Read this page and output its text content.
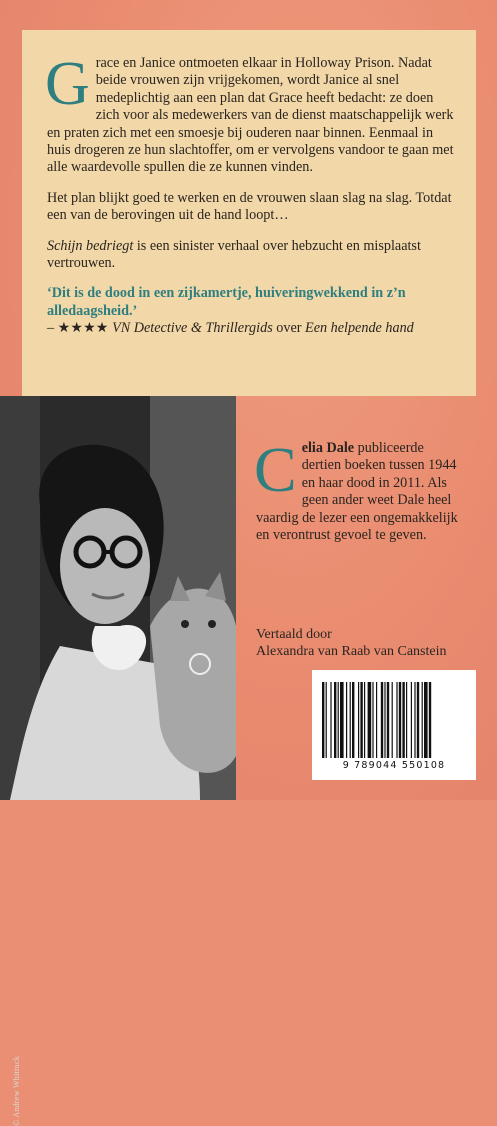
Grace en Janice ontmoeten elkaar in Holloway Prison. Nadat beide vrouwen zijn vrijgekomen, wordt Janice al snel medeplichtig aan een plan dat Grace heeft bedacht: ze doen zich voor als medewerkers van de dienst maatschappelijk werk en praten zich met een smoesje bij ouderen naar binnen. Eenmaal in huis drogeren ze hun slachtoffer, om er vervolgens vandoor te gaan met alle waardevolle spullen die ze kunnen vinden.

Het plan blijkt goed te werken en de vrouwen slaan slag na slag. Totdat een van de berovingen uit de hand loopt…

Schijn bedriegt is een sinister verhaal over hebzucht en misplaatst vertrouwen.

‘Dit is de dood in een zijkamertje, huiveringwekkend in z’n alledaagsheid.’

– ★★★★ VN Detective & Thrillergids over Een helpende hand

© Andrew Whittuck
Celia Dale publiceerde dertien boeken tussen 1944 en haar dood in 2011. Als geen ander weet Dale heel vaardig de lezer een ongemakkelijk en verontrust gevoel te geven.
Vertaald door
Alexandra van Raab van Canstein
9 789044 550108
